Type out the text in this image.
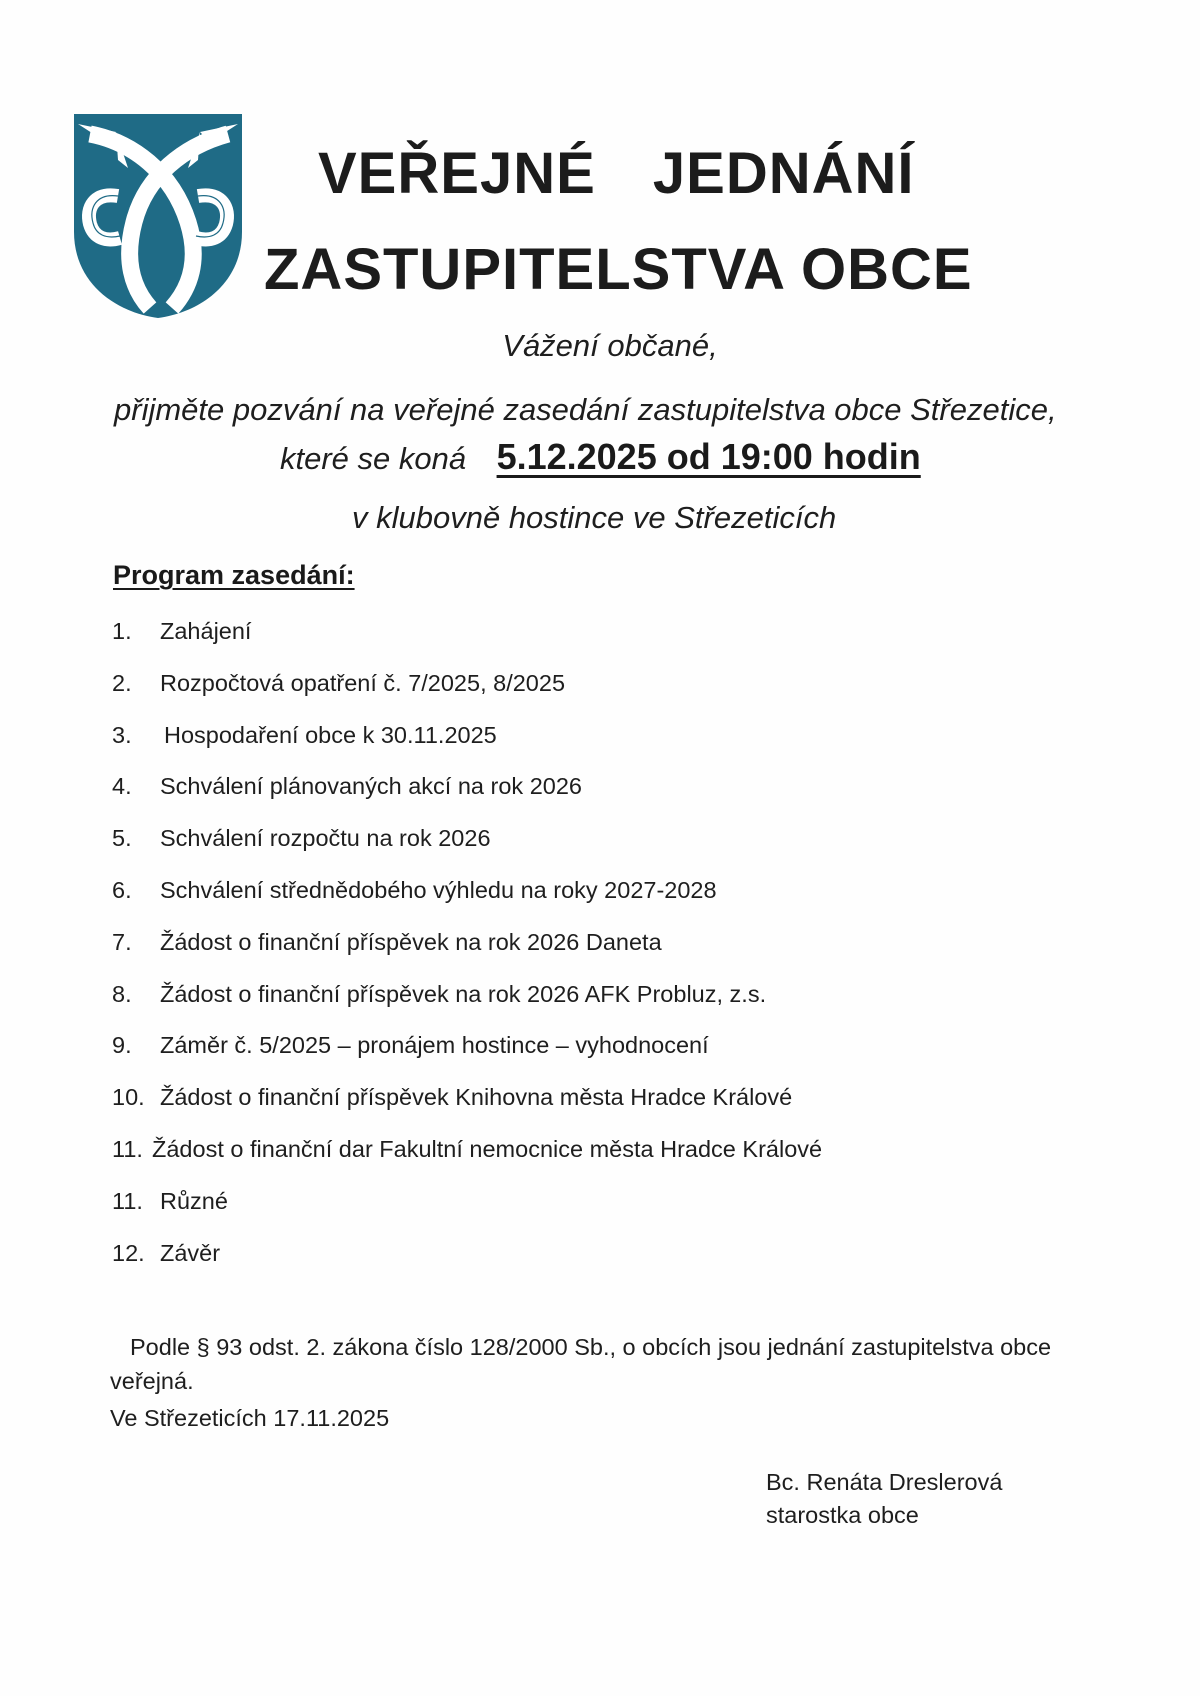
VEŘEJNÉ JEDNÁNÍ
ZASTUPITELSTVA OBCE
Vážení občané,
přijměte pozvání na veřejné zasedání zastupitelstva obce Střezetice,
které se koná 5.12.2025 od 19:00 hodin
v klubovně hostince ve Střezeticích
Program zasedání:
1. Zahájení
2. Rozpočtová opatření č. 7/2025, 8/2025
3. Hospodaření obce k 30.11.2025
4. Schválení plánovaných akcí na rok 2026
5. Schválení rozpočtu na rok 2026
6. Schválení střednědobého výhledu na roky 2027-2028
7. Žádost o finanční příspěvek na rok 2026 Daneta
8. Žádost o finanční příspěvek na rok 2026 AFK Probluz, z.s.
9. Záměr č. 5/2025 – pronájem hostince – vyhodnocení
10. Žádost o finanční příspěvek Knihovna města Hradce Králové
11. Žádost o finanční dar Fakultní nemocnice města Hradce Králové
11. Různé
12. Závěr
Podle § 93 odst. 2. zákona číslo 128/2000 Sb., o obcích jsou jednání zastupitelstva obce veřejná.
Ve Střezeticích 17.11.2025
Bc. Renáta Dreslerová
starostka obce
